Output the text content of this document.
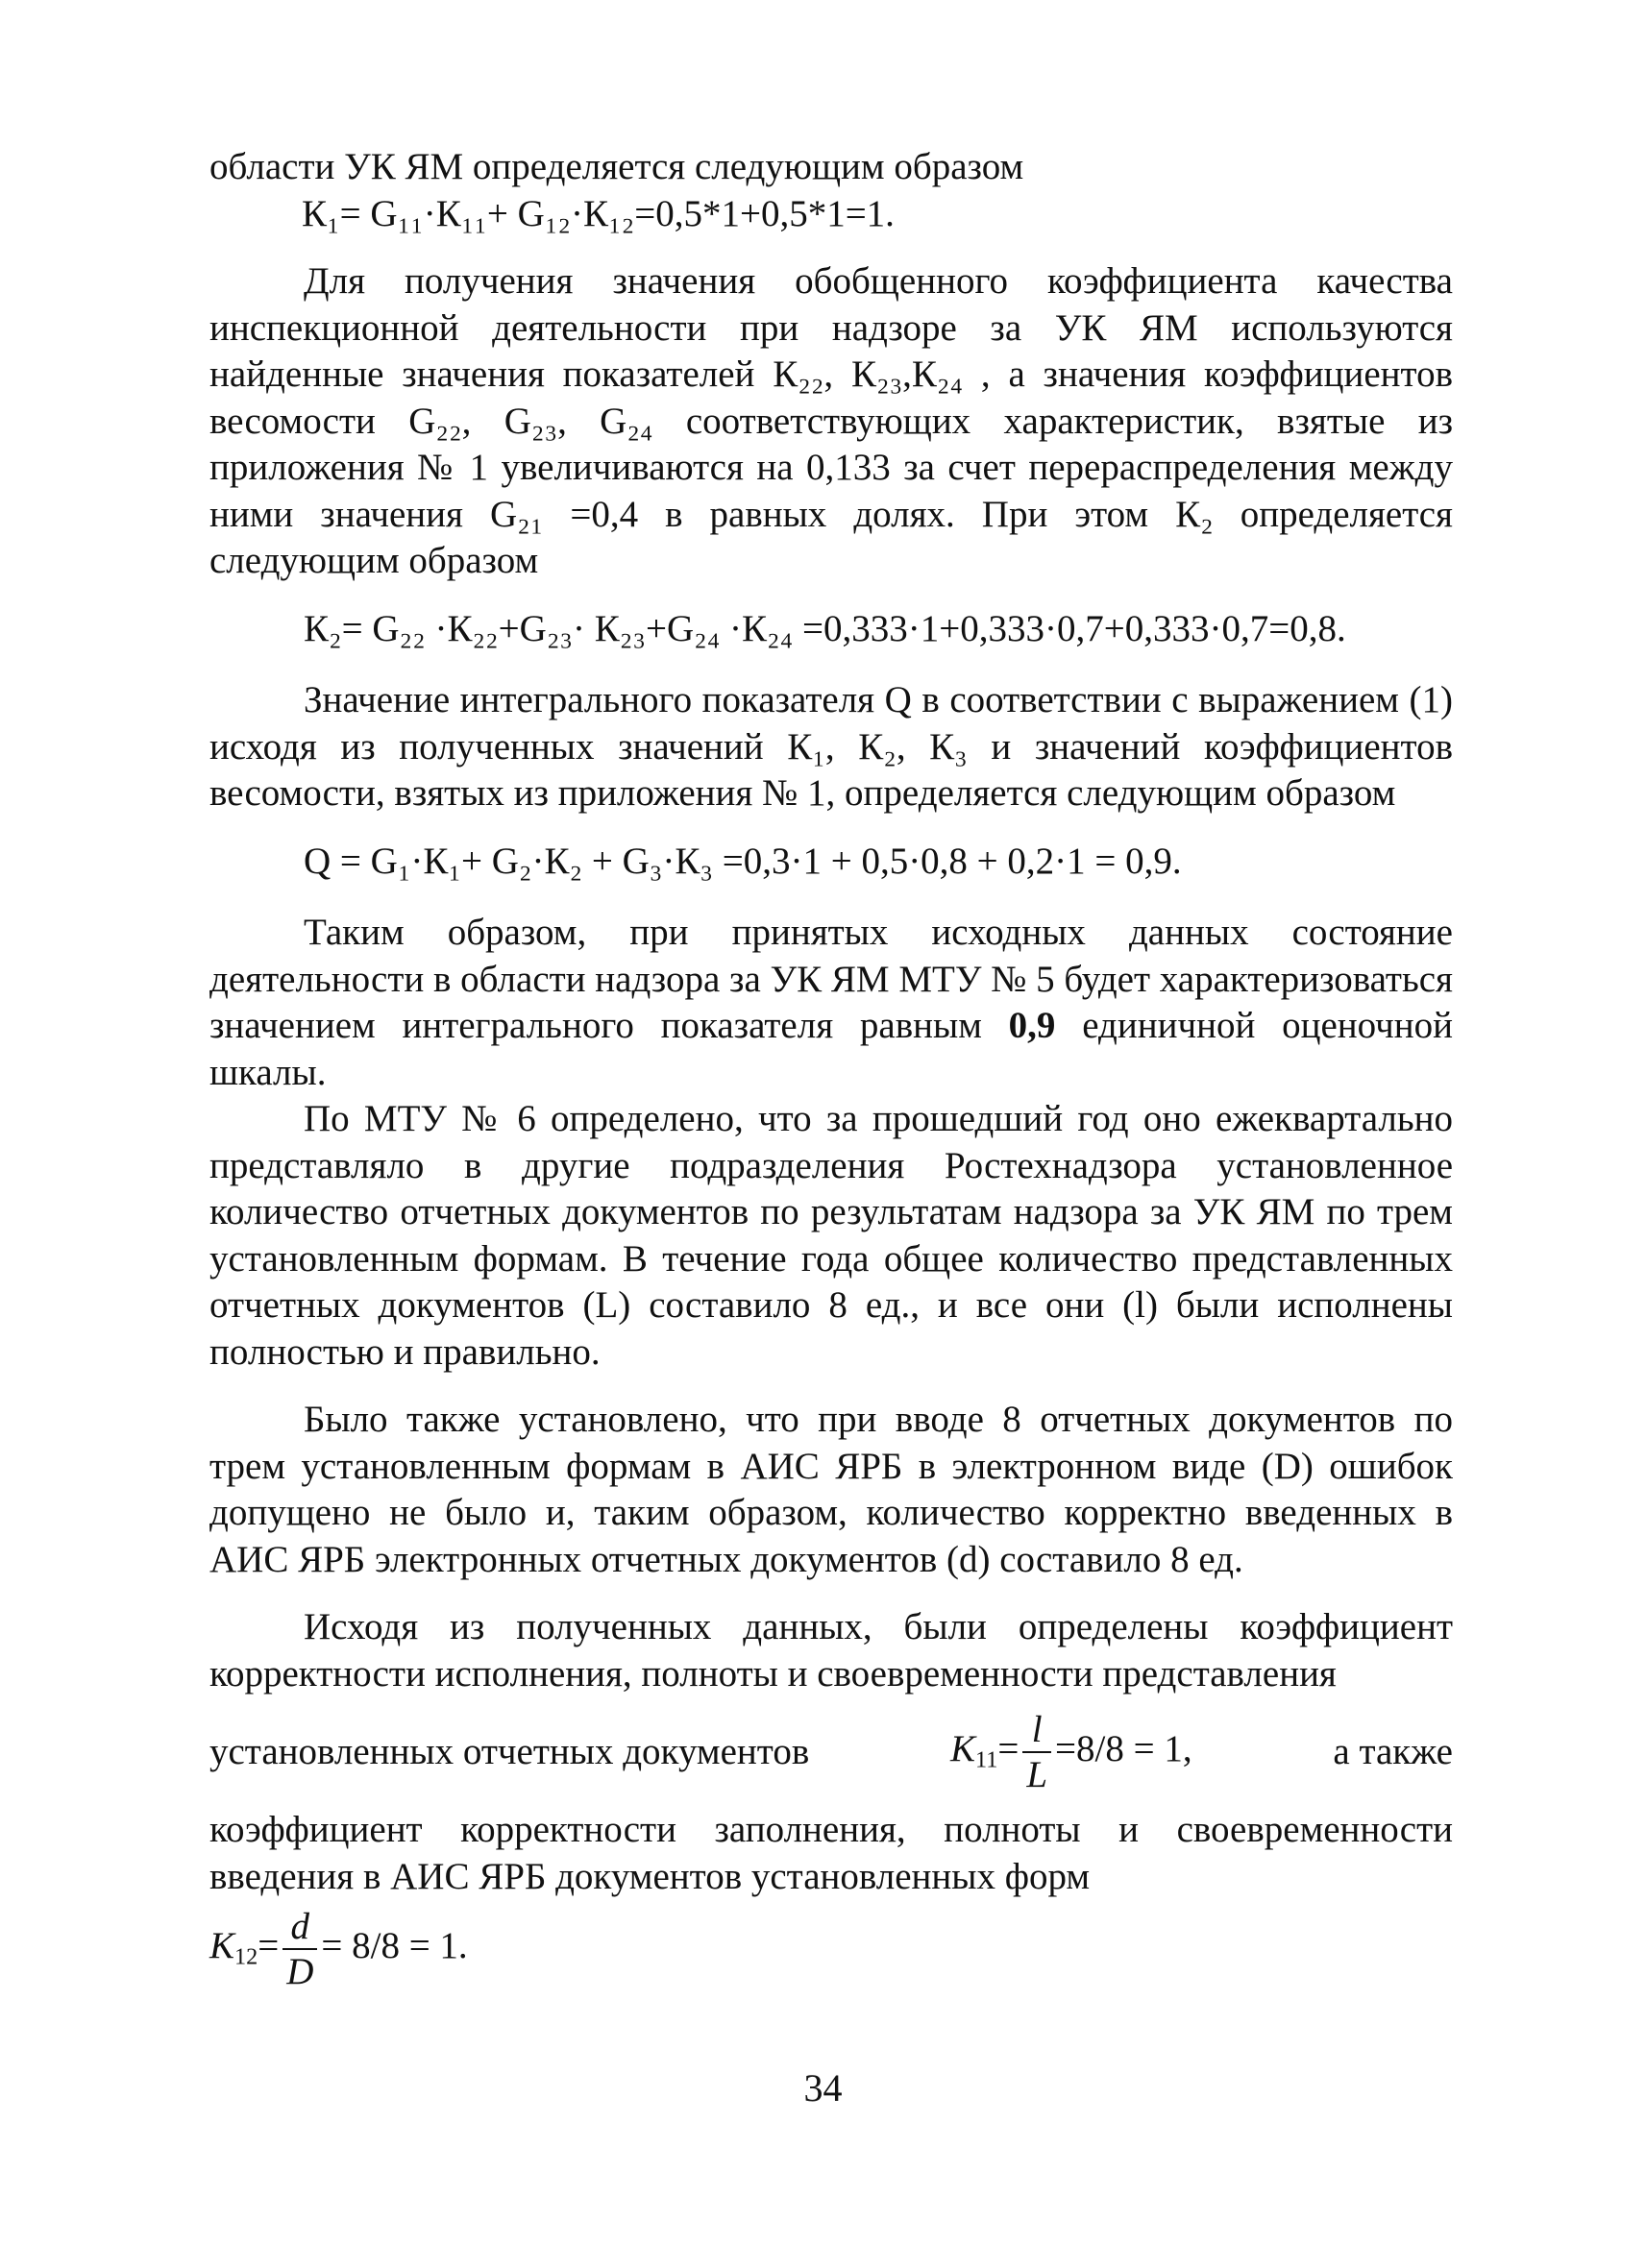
области УК ЯМ определяется следующим образом

К₁= G₁₁·К₁₁+ G₁₂·К₁₂=0,5*1+0,5*1=1.

Для получения значения обобщенного коэффициента качества инспекционной деятельности при надзоре за УК ЯМ используются найденные значения показателей К₂₂, К₂₃,К₂₄ , а значения коэффициентов весомости G₂₂, G₂₃, G₂₄ соответствующих характеристик, взятые из приложения № 1 увеличиваются на 0,133 за счет перераспределения между ними значения G₂₁ =0,4 в равных долях. При этом К₂ определяется следующим образом

К₂= G₂₂ ·К₂₂+G₂₃· К₂₃+G₂₄ ·К₂₄ =0,333·1+0,333·0,7+0,333·0,7=0,8.

Значение интегрального показателя Q в соответствии с выражением (1) исходя из полученных значений К₁, К₂, К₃ и значений коэффициентов весомости, взятых из приложения № 1, определяется следующим образом

Q = G₁·К₁+ G₂·К₂ + G₃·К₃ =0,3·1 + 0,5·0,8 + 0,2·1 = 0,9.

Таким образом, при принятых исходных данных состояние деятельности в области надзора за УК ЯМ МТУ № 5 будет характеризоваться значением интегрального показателя равным 0,9 единичной оценочной шкалы.

По МТУ № 6 определено, что за прошедший год оно ежеквартально представляло в другие подразделения Ростехнадзора установленное количество отчетных документов по результатам надзора за УК ЯМ по трем установленным формам. В течение года общее количество представленных отчетных документов (L) составило 8 ед., и все они (l) были исполнены полностью и правильно.

Было также установлено, что при вводе 8 отчетных документов по трем установленным формам в АИС ЯРБ в электронном виде (D) ошибок допущено не было и, таким образом, количество корректно введенных в АИС ЯРБ электронных отчетных документов (d) составило 8 ед.

Исходя из полученных данных, были определены коэффициент корректности исполнения, полноты и своевременности представления

установленных отчетных документов	$K_{11}= \frac{l}{L} =8/8 = 1$,	а также

коэффициент корректности заполнения, полноты и своевременности введения в АИС ЯРБ документов установленных форм

$K_{12}= \frac{d}{D} = 8/8 = 1$.

34
